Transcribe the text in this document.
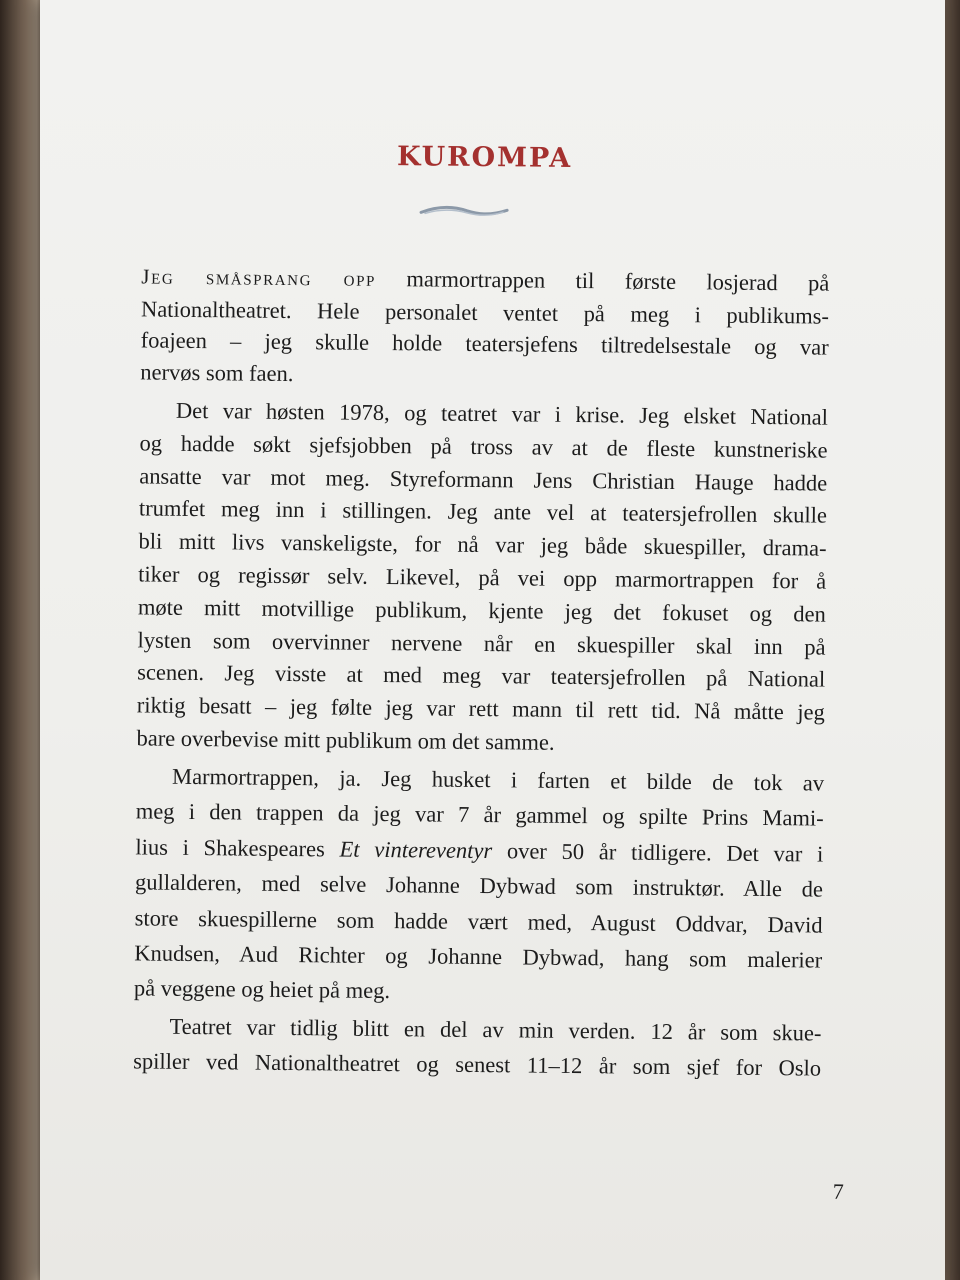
KUROMPA
Jeg småsprang opp marmortrappen til første losjerad på
Nationaltheatret. Hele personalet ventet på meg i publikums-
foajeen – jeg skulle holde teatersjefens tiltredelsestale og var
nervøs som faen.
Det var høsten 1978, og teatret var i krise. Jeg elsket National
og hadde søkt sjefsjobben på tross av at de fleste kunstneriske
ansatte var mot meg. Styreformann Jens Christian Hauge hadde
trumfet meg inn i stillingen. Jeg ante vel at teatersjefrollen skulle
bli mitt livs vanskeligste, for nå var jeg både skuespiller, drama-
tiker og regissør selv. Likevel, på vei opp marmortrappen for å
møte mitt motvillige publikum, kjente jeg det fokuset og den
lysten som overvinner nervene når en skuespiller skal inn på
scenen. Jeg visste at med meg var teatersjefrollen på National
riktig besatt – jeg følte jeg var rett mann til rett tid. Nå måtte jeg
bare overbevise mitt publikum om det samme.
Marmortrappen, ja. Jeg husket i farten et bilde de tok av
meg i den trappen da jeg var 7 år gammel og spilte Prins Mami-
lius i Shakespeares Et vintereventyr over 50 år tidligere. Det var i
gullalderen, med selve Johanne Dybwad som instruktør. Alle de
store skuespillerne som hadde vært med, August Oddvar, David
Knudsen, Aud Richter og Johanne Dybwad, hang som malerier
på veggene og heiet på meg.
Teatret var tidlig blitt en del av min verden. 12 år som skue-
spiller ved Nationaltheatret og senest 11–12 år som sjef for Oslo
7
